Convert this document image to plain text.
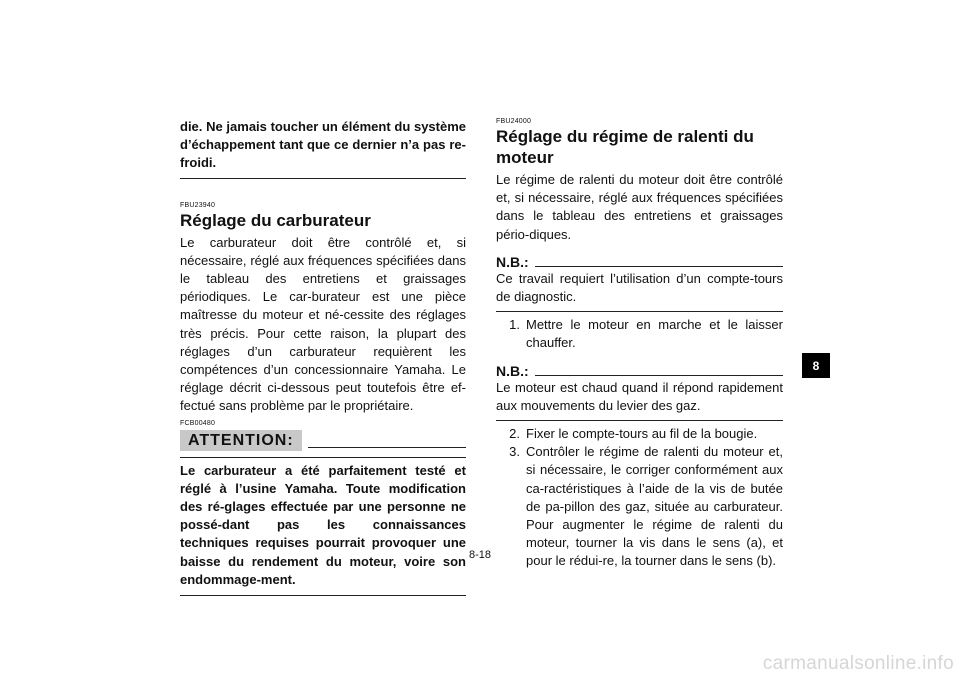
die. Ne jamais toucher un élément du système d’échappement tant que ce dernier n’a pas re-froidi.

FBU23940

Réglage du carburateur

Le carburateur doit être contrôlé et, si nécessaire, réglé aux fréquences spécifiées dans le tableau des entretiens et graissages périodiques. Le car-burateur est une pièce maîtresse du moteur et né-cessite des réglages très précis. Pour cette raison, la plupart des réglages d’un carburateur requièrent les compétences d’un concessionnaire Yamaha. Le réglage décrit ci-dessous peut toutefois être ef-fectué sans problème par le propriétaire.

FCB00480

ATTENTION:

Le carburateur a été parfaitement testé et réglé à l’usine Yamaha. Toute modification des ré-glages effectuée par une personne ne possé-dant pas les connaissances techniques requises pourrait provoquer une baisse du rendement du moteur, voire son endommage-ment.

FBU24000

Réglage du régime de ralenti du
moteur

Le régime de ralenti du moteur doit être contrôlé et, si nécessaire, réglé aux fréquences spécifiées dans le tableau des entretiens et graissages pério-diques.

N.B.:

Ce travail requiert l’utilisation d’un compte-tours de diagnostic.

1. Mettre le moteur en marche et le laisser chauffer.
N.B.:

Le moteur est chaud quand il répond rapidement aux mouvements du levier des gaz.

2. Fixer le compte-tours au fil de la bougie.
3. Contrôler le régime de ralenti du moteur et, si nécessaire, le corriger conformément aux ca-ractéristiques à l’aide de la vis de butée de pa-pillon des gaz, située au carburateur. Pour augmenter le régime de ralenti du moteur, tourner la vis dans le sens (a), et pour le rédui-re, la tourner dans le sens (b).
8
8-18
carmanualsonline.info
